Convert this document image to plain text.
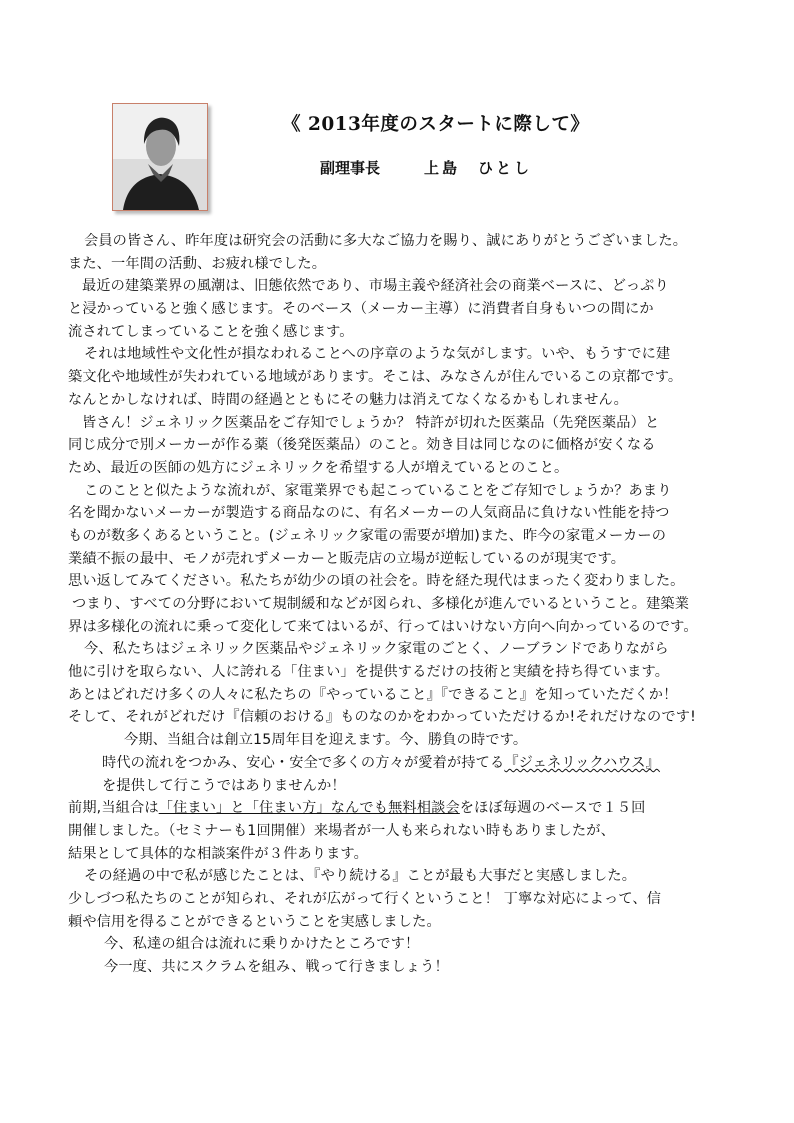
《 2013年度のスタートに際して》
副理事長	上島　ひとし
会員の皆さん、昨年度は研究会の活動に多大なご協力を賜り、誠にありがとうございました。
また、一年間の活動、お疲れ様でした。
最近の建築業界の風潮は、旧態依然であり、市場主義や経済社会の商業ベースに、どっぷり
と浸かっていると強く感じます。そのベース（メーカー主導）に消費者自身もいつの間にか
流されてしまっていることを強く感じます。
それは地域性や文化性が損なわれることへの序章のような気がします。いや、もうすでに建
築文化や地域性が失われている地域があります。そこは、みなさんが住んでいるこの京都です。
なんとかしなければ、時間の経過とともにその魅力は消えてなくなるかもしれません。
皆さん！ジェネリック医薬品をご存知でしょうか？ 特許が切れた医薬品（先発医薬品）と
同じ成分で別メーカーが作る薬（後発医薬品）のこと。効き目は同じなのに価格が安くなる
ため、最近の医師の処方にジェネリックを希望する人が増えているとのこと。
このことと似たような流れが、家電業界でも起こっていることをご存知でしょうか？あまり
名を聞かないメーカーが製造する商品なのに、有名メーカーの人気商品に負けない性能を持つ
ものが数多くあるということ。(ジェネリック家電の需要が増加)また、昨今の家電メーカーの
業績不振の最中、モノが売れずメーカーと販売店の立場が逆転しているのが現実です。
思い返してみてください。私たちが幼少の頃の社会を。時を経た現代はまったく変わりました。
つまり、すべての分野において規制緩和などが図られ、多様化が進んでいるということ。建築業
界は多様化の流れに乗って変化して来てはいるが、行ってはいけない方向へ向かっているのです。
今、私たちはジェネリック医薬品やジェネリック家電のごとく、ノーブランドでありながら
他に引けを取らない、人に誇れる「住まい」を提供するだけの技術と実績を持ち得ています。
あとはどれだけ多くの人々に私たちの『やっていること』『できること』を知っていただくか！
そして、それがどれだけ『信頼のおける』ものなのかをわかっていただけるか!それだけなのです!
今期、当組合は創立15周年目を迎えます。今、勝負の時です。
時代の流れをつかみ、安心・安全で多くの方々が愛着が持てる『ジェネリックハウス』
を提供して行こうではありませんか！
前期,当組合は「住まい」と「住まい方」なんでも無料相談会をほぼ毎週のベースで１５回
開催しました。（セミナーも1回開催）来場者が一人も来られない時もありましたが、
結果として具体的な相談案件が３件あります。
その経過の中で私が感じたことは、『やり続ける』ことが最も大事だと実感しました。
少しづつ私たちのことが知られ、それが広がって行くということ！ 丁寧な対応によって、信
頼や信用を得ることができるということを実感しました。
今、私達の組合は流れに乗りかけたところです！
今一度、共にスクラムを組み、戦って行きましょう！
